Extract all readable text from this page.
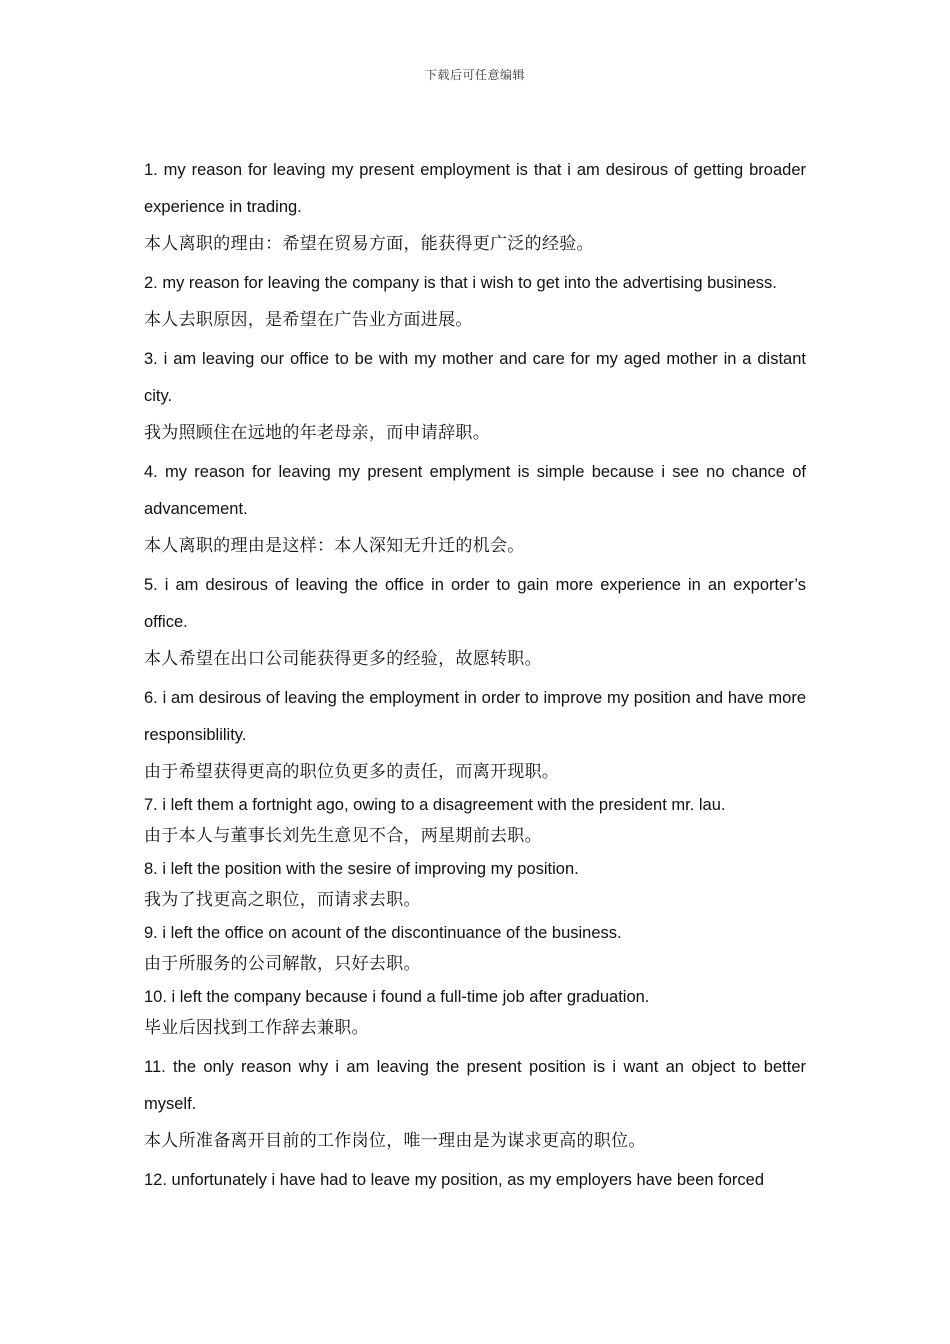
下载后可任意编辑

1. my reason for leaving my present employment is that i am desirous of getting broader experience in trading.

本人离职的理由：希望在贸易方面，能获得更广泛的经验。

2. my reason for leaving the company is that i wish to get into the advertising business.

本人去职原因，是希望在广告业方面进展。

3. i am leaving our office to be with my mother and care for my aged mother in a distant city.

我为照顾住在远地的年老母亲，而申请辞职。

4. my reason for leaving my present emplyment is simple because i see no chance of advancement.

本人离职的理由是这样：本人深知无升迁的机会。

5. i am desirous of leaving the office in order to gain more experience in an exporter’s office.

本人希望在出口公司能获得更多的经验，故愿转职。

6. i am desirous of leaving the employment in order to improve my position and have more responsiblility.

由于希望获得更高的职位负更多的责任，而离开现职。

7. i left them a fortnight ago, owing to a disagreement with the president mr. lau.

由于本人与董事长刘先生意见不合，两星期前去职。

8. i left the position with the sesire of improving my position.

我为了找更高之职位，而请求去职。

9. i left the office on acount of the discontinuance of the business.

由于所服务的公司解散，只好去职。

10. i left the company because i found a full-time job after graduation.

毕业后因找到工作辞去兼职。

11. the only reason why i am leaving the present position is i want an object to better myself.

本人所准备离开目前的工作岗位，唯一理由是为谋求更高的职位。

12. unfortunately i have had to leave my position, as my employers have been forced
